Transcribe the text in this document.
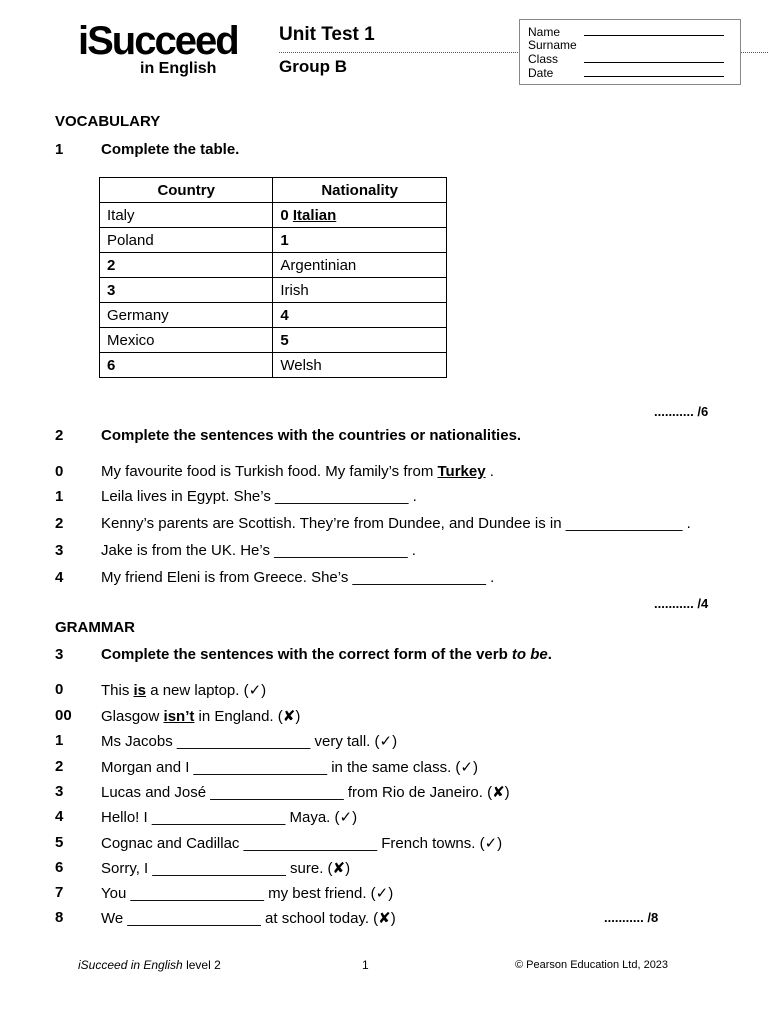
iSucceed
in English
Unit Test 1
Group B
Name
Surname
Class
Date
VOCABULARY
1	Complete the table.
Country	Nationality
Italy	0 Italian
Poland	1
2	Argentinian
3	Irish
Germany	4
Mexico	5
6	Welsh
........... /6
2	Complete the sentences with the countries or nationalities.
0	My favourite food is Turkish food. My family’s from Turkey .
1	Leila lives in Egypt. She’s ________________ .
2	Kenny’s parents are Scottish. They’re from Dundee, and Dundee is in ______________ .
3	Jake is from the UK. He’s ________________ .
4	My friend Eleni is from Greece. She’s ________________ .
........... /4
GRAMMAR
3	Complete the sentences with the correct form of the verb to be.
0	This is a new laptop. (✓)
00 Glasgow isn’t in England. (✘)
1	Ms Jacobs ________________ very tall. (✓)
2	Morgan and I ________________ in the same class. (✓)
3	Lucas and José ________________ from Rio de Janeiro. (✘)
4	Hello! I ________________ Maya. (✓)
5	Cognac and Cadillac ________________ French towns. (✓)
6	Sorry, I ________________ sure. (✘)
7	You ________________ my best friend. (✓)
8	We ________________ at school today. (✘)	........... /8
iSucceed in English level 2	1	© Pearson Education Ltd, 2023
